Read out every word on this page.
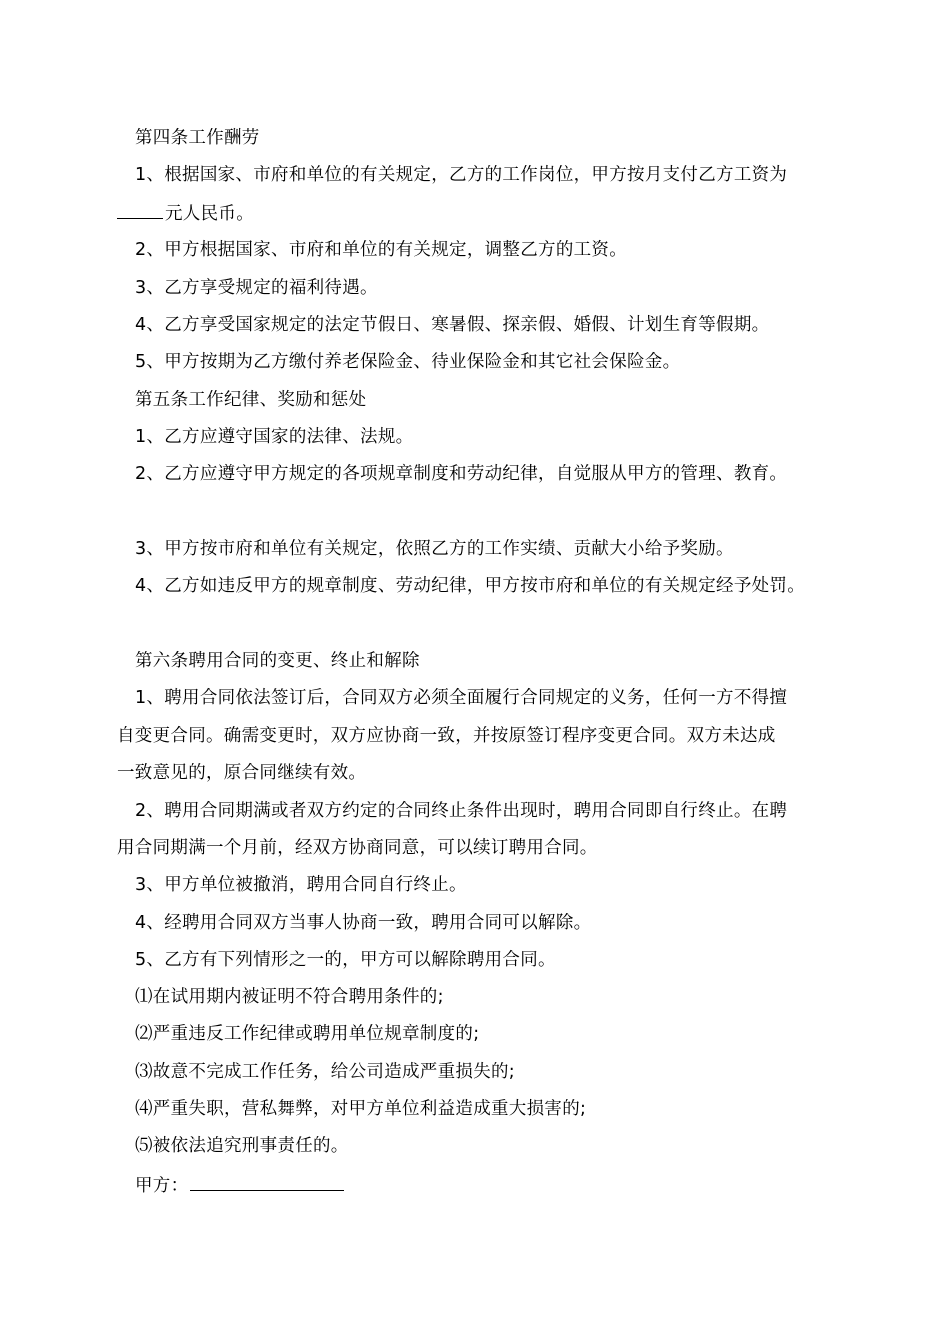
第四条工作酬劳
1、根据国家、市府和单位的有关规定，乙方的工作岗位，甲方按月支付乙方工资为
元人民币。
2、甲方根据国家、市府和单位的有关规定，调整乙方的工资。
3、乙方享受规定的福利待遇。
4、乙方享受国家规定的法定节假日、寒暑假、探亲假、婚假、计划生育等假期。
5、甲方按期为乙方缴付养老保险金、待业保险金和其它社会保险金。
第五条工作纪律、奖励和惩处
1、乙方应遵守国家的法律、法规。
2、乙方应遵守甲方规定的各项规章制度和劳动纪律，自觉服从甲方的管理、教育。
3、甲方按市府和单位有关规定，依照乙方的工作实绩、贡献大小给予奖励。
4、乙方如违反甲方的规章制度、劳动纪律，甲方按市府和单位的有关规定经予处罚。
第六条聘用合同的变更、终止和解除
1、聘用合同依法签订后，合同双方必须全面履行合同规定的义务，任何一方不得擅
自变更合同。确需变更时，双方应协商一致，并按原签订程序变更合同。双方未达成
一致意见的，原合同继续有效。
2、聘用合同期满或者双方约定的合同终止条件出现时，聘用合同即自行终止。在聘
用合同期满一个月前，经双方协商同意，可以续订聘用合同。
3、甲方单位被撤消，聘用合同自行终止。
4、经聘用合同双方当事人协商一致，聘用合同可以解除。
5、乙方有下列情形之一的，甲方可以解除聘用合同。
⑴在试用期内被证明不符合聘用条件的;
⑵严重违反工作纪律或聘用单位规章制度的;
⑶故意不完成工作任务，给公司造成严重损失的;
⑷严重失职，营私舞弊，对甲方单位利益造成重大损害的;
⑸被依法追究刑事责任的。
甲方：
